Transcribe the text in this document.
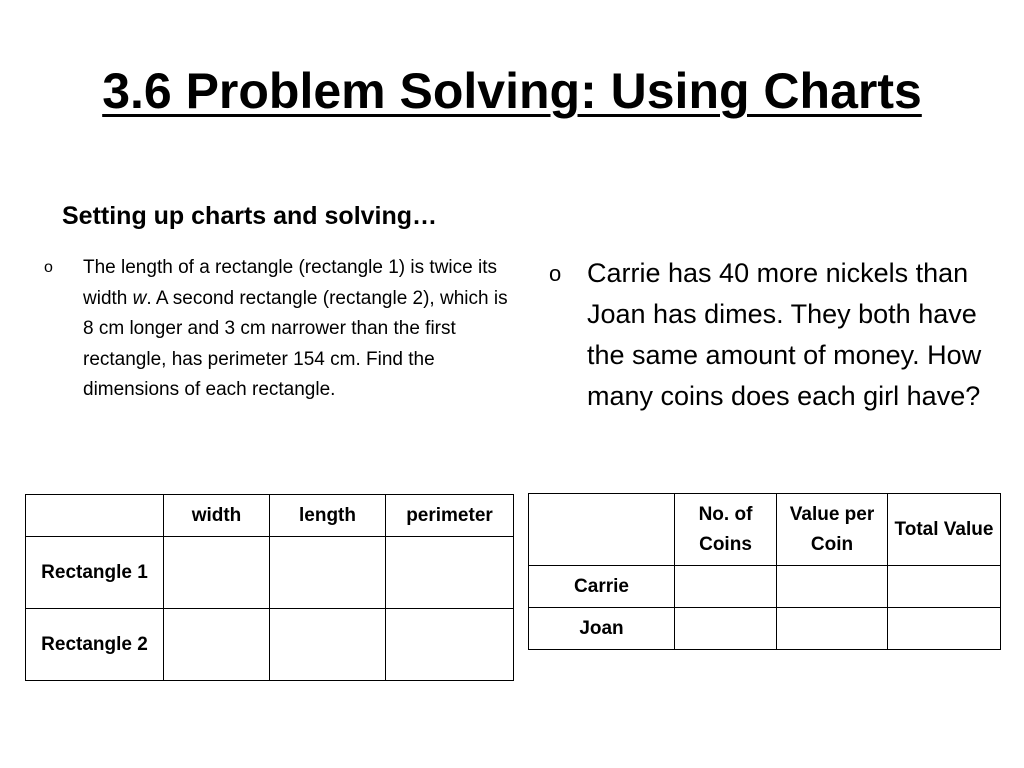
3.6 Problem Solving: Using Charts
Setting up charts and solving…
o	The length of a rectangle (rectangle 1) is twice its width w. A second rectangle (rectangle 2), which is 8 cm longer and 3 cm narrower than the first rectangle, has perimeter 154 cm. Find the dimensions of each rectangle.
o Carrie has 40 more nickels than Joan has dimes. They both have the same amount of money. How many coins does each girl have?
	width	length	perimeter
Rectangle 1			
Rectangle 2			
	No. of Coins	Value per Coin	Total Value
Carrie			
Joan			
